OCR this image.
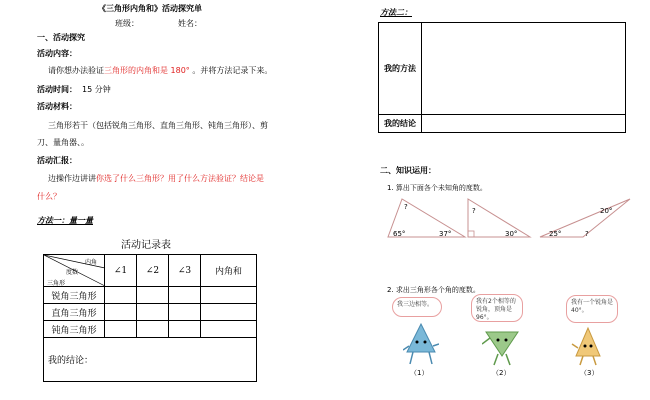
《三角形内角和》活动探究单
班级：	姓名：
一、活动探究
活动内容：
请你想办法验证三角形的内角和是 180° 。并将方法记录下来。
活动时间： 15 分钟
活动材料：
三角形若干（包括锐角三角形、直角三角形、钝角三角形）、剪
刀、量角器、。
活动汇报：
边操作边讲讲你选了什么三角形？用了什么方法验证？结论是
什么？
方法一：量一量
活动记录表
内角
度数
三角形	∠1	∠2	∠3	内角和
锐角三角形				
直角三角形				
钝角三角形				
我的结论：				
方法二：
我的方法	
我的结论	
二、知识运用：
1. 算出下面各个未知角的度数。
?
65°	37°
?
30°	25°
20°
?
2. 求出三角形各个角的度数。
我三边相等。	我有2个相等的锐角，顶角是96°。
我有一个锐角是40°。
（1）	（2）	（3）
